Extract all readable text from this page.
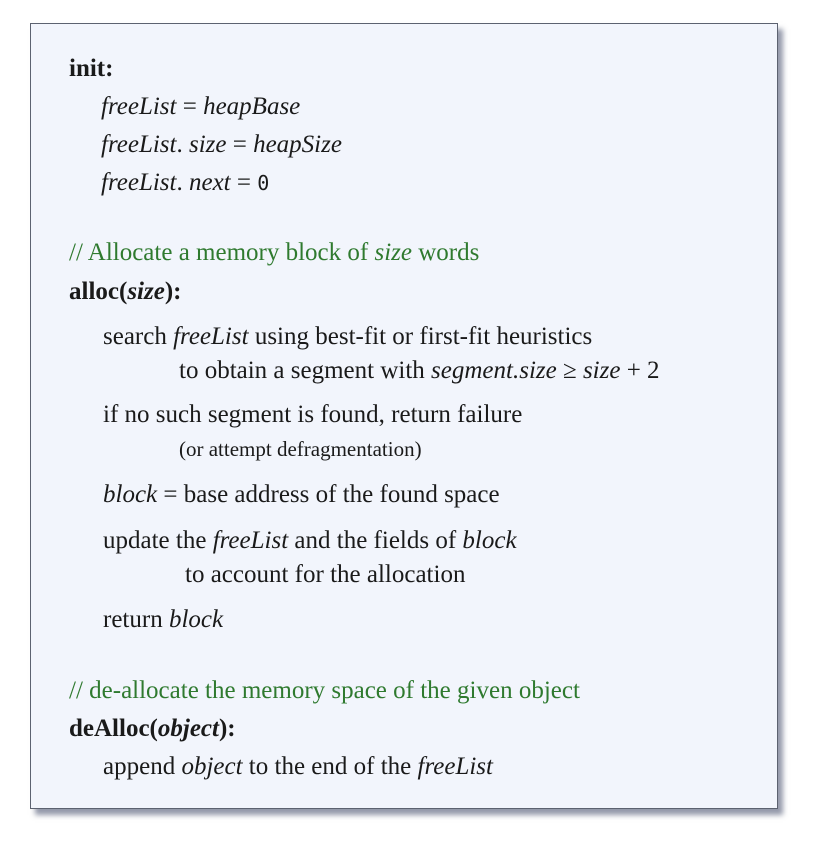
init:
freeList = heapBase
freeList. size = heapSize
freeList. next = 0
// Allocate a memory block of size words
alloc(size):
search freeList using best-fit or first-fit heuristics
to obtain a segment with segment.size ≥ size + 2
if no such segment is found, return failure
(or attempt defragmentation)
block = base address of the found space
update the freeList and the fields of block
to account for the allocation
return block
// de-allocate the memory space of the given object
deAlloc(object):
append object to the end of the freeList
